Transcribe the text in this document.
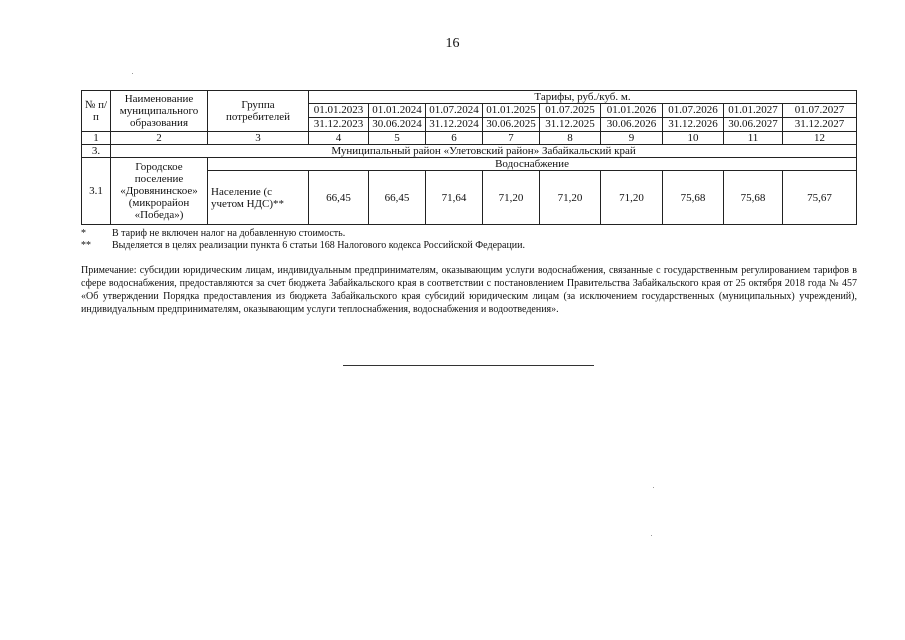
16
№ п/п	Наименование муниципального образования	Группа потребителей	Тарифы, руб./куб. м.								
			01.01.2023	01.01.2024	01.07.2024	01.01.2025	01.07.2025	01.01.2026	01.07.2026	01.01.2027	01.07.2027
			31.12.2023	30.06.2024	31.12.2024	30.06.2025	31.12.2025	30.06.2026	31.12.2026	30.06.2027	31.12.2027
1	2	3	4	5	6	7	8	9	10	11	12
3.	Муниципальный район «Улетовский район» Забайкальский край										
3.1	Городское поселение «Дровянинское» (микрорайон «Победа»)	Водоснабжение									
		Население (с учетом НДС)**	66,45	66,45	71,64	71,20	71,20	71,20	75,68	75,68	75,67
*	В тариф не включен налог на добавленную стоимость.
**	Выделяется в целях реализации пункта 6 статьи 168 Налогового кодекса Российской Федерации.
Примечание: субсидии юридическим лицам, индивидуальным предпринимателям, оказывающим услуги водоснабжения, связанные с государственным регулированием тарифов в сфере водоснабжения, предоставляются за счет бюджета Забайкальского края в соответствии с постановлением Правительства Забайкальского края от 25 октября 2018 года № 457 «Об утверждении Порядка предоставления из бюджета Забайкальского края субсидий юридическим лицам (за исключением государственных (муниципальных) учреждений), индивидуальным предпринимателям, оказывающим услуги теплоснабжения, водоснабжения и водоотведения».
